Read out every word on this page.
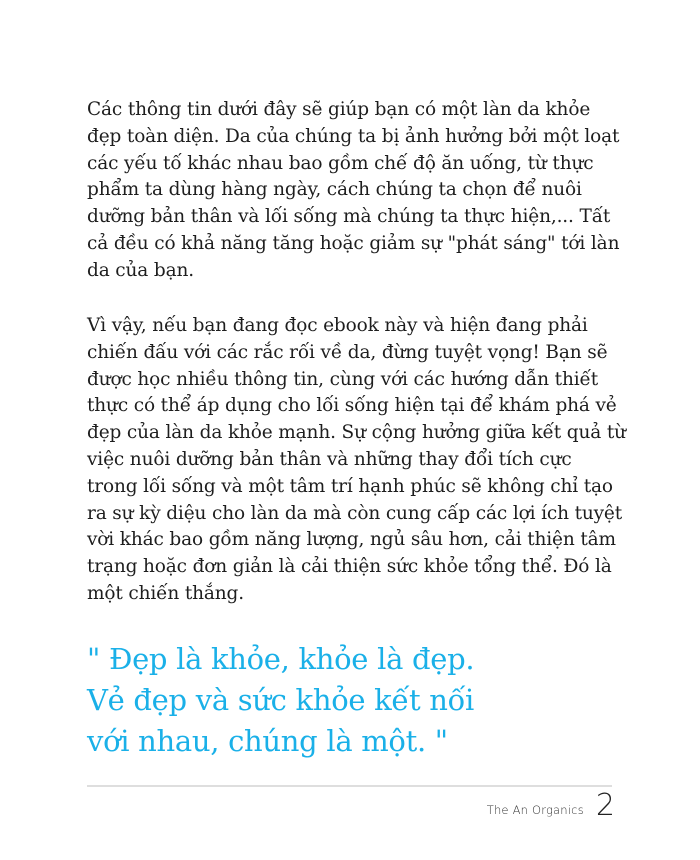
Các thông tin dưới đây sẽ giúp bạn có một làn da khỏe đẹp toàn diện. Da của chúng ta bị ảnh hưởng bởi một loạt các yếu tố khác nhau bao gồm chế độ ăn uống, từ thực phẩm ta dùng hàng ngày, cách chúng ta chọn để nuôi dưỡng bản thân và lối sống mà chúng ta thực hiện,... Tất cả đều có khả năng tăng hoặc giảm sự "phát sáng" tới làn da của bạn.

Vì vậy, nếu bạn đang đọc ebook này và hiện đang phải chiến đấu với các rắc rối về da, đừng tuyệt vọng! Bạn sẽ được học nhiều thông tin, cùng với các hướng dẫn thiết thực có thể áp dụng cho lối sống hiện tại để khám phá vẻ đẹp của làn da khỏe mạnh. Sự cộng hưởng giữa kết quả từ việc nuôi dưỡng bản thân và những thay đổi tích cực trong lối sống và một tâm trí hạnh phúc sẽ không chỉ tạo ra sự kỳ diệu cho làn da mà còn cung cấp các lợi ích tuyệt vời khác bao gồm năng lượng, ngủ sâu hơn, cải thiện tâm trạng hoặc đơn giản là cải thiện sức khỏe tổng thể. Đó là một chiến thắng.

" Đẹp là khỏe, khỏe là đẹp.
Vẻ đẹp và sức khỏe kết nối
với nhau, chúng là một. "
The An Organics 2
